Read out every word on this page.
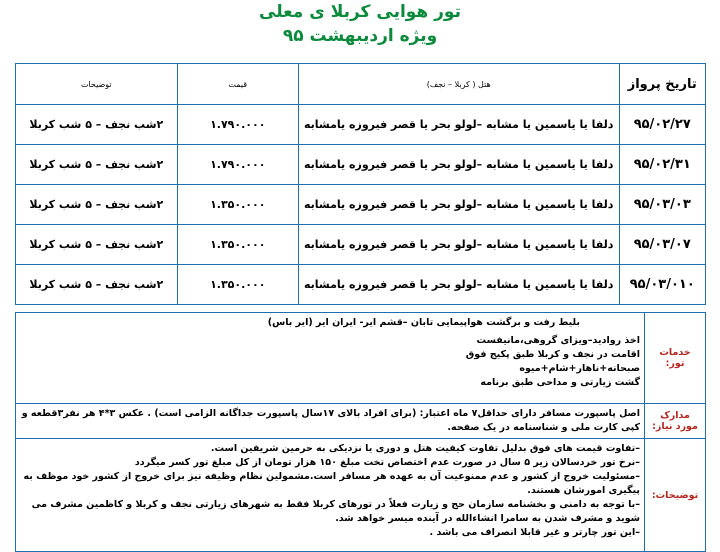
تور هوایی کربلا ی معلی
ویژه اردیبهشت ۹۵
تاریخ پرواز	هتل ( کربلا – نجف)	قیمت	توضیحات
۹۵/۰۲/۲۷	دلفا یا یاسمین یا مشابه –لولو بحر یا قصر فیروزه یامشابه	۱.۷۹۰.۰۰۰	۲شب نجف – ۵ شب کربلا
۹۵/۰۲/۳۱	دلفا یا یاسمین یا مشابه –لولو بحر یا قصر فیروزه یامشابه	۱.۷۹۰.۰۰۰	۲شب نجف – ۵ شب کربلا
۹۵/۰۳/۰۳	دلفا یا یاسمین یا مشابه –لولو بحر یا قصر فیروزه یامشابه	۱.۳۵۰.۰۰۰	۲شب نجف – ۵ شب کربلا
۹۵/۰۳/۰۷	دلفا یا یاسمین یا مشابه –لولو بحر یا قصر فیروزه یامشابه	۱.۳۵۰.۰۰۰	۲شب نجف – ۵ شب کربلا
۹۵/۰۳/۰۱۰	دلفا یا یاسمین یا مشابه –لولو بحر یا قصر فیروزه یامشابه	۱.۳۵۰.۰۰۰	۲شب نجف – ۵ شب کربلا
خدمات تور:	بلیط رفت و برگشت هواپیمایی تابان –قشم ایر- ایران ایر (ایر باس)
اخذ روادید–ویزای گروهی،مانیفست
اقامت در نجف و کربلا طبق پکیج فوق
صبحانه+ناهار+شام+میوه
گشت زیارتی و مداحی طبق برنامه

مدارک مورد نیاز:	اصل پاسپورت مسافر دارای حداقل۷ ماه اعتبار: (برای افراد بالای ۱۷سال پاسپورت جداگانه الزامی است) . عکس ۳*۴ هر نفر۳قطعه و کپی کارت ملی و شناسنامه در یک صفحه.

توضیحات:	–تفاوت قیمت های فوق بدلیل تفاوت کیفیت هتل و دوری یا نزدیکی به حرمین شریفین است.
–نرخ تور خردسالان زیر ۵ سال در صورت عدم اختصاص تخت مبلغ ۱۵۰ هزار تومان از کل مبلغ تور کسر میگردد
–مسئولیت خروج از کشور و عدم ممنوعیت آن به عهده هر مسافر است.مشمولین نظام وظیفه نیز برای خروج از کشور خود موظف به پیگیری امورشان هستند.
–با توجه به دامنی و بخشنامه سازمان حج و زیارت فعلاً در تورهای کربلا فقط به شهرهای زیارتی نجف و کربلا و کاظمین مشرف می شوید و مشرف شدن به سامرا انشاءالله در آینده میسر خواهد شد.
–این تور چارتر و غیر قابلا انصراف می باشد .
